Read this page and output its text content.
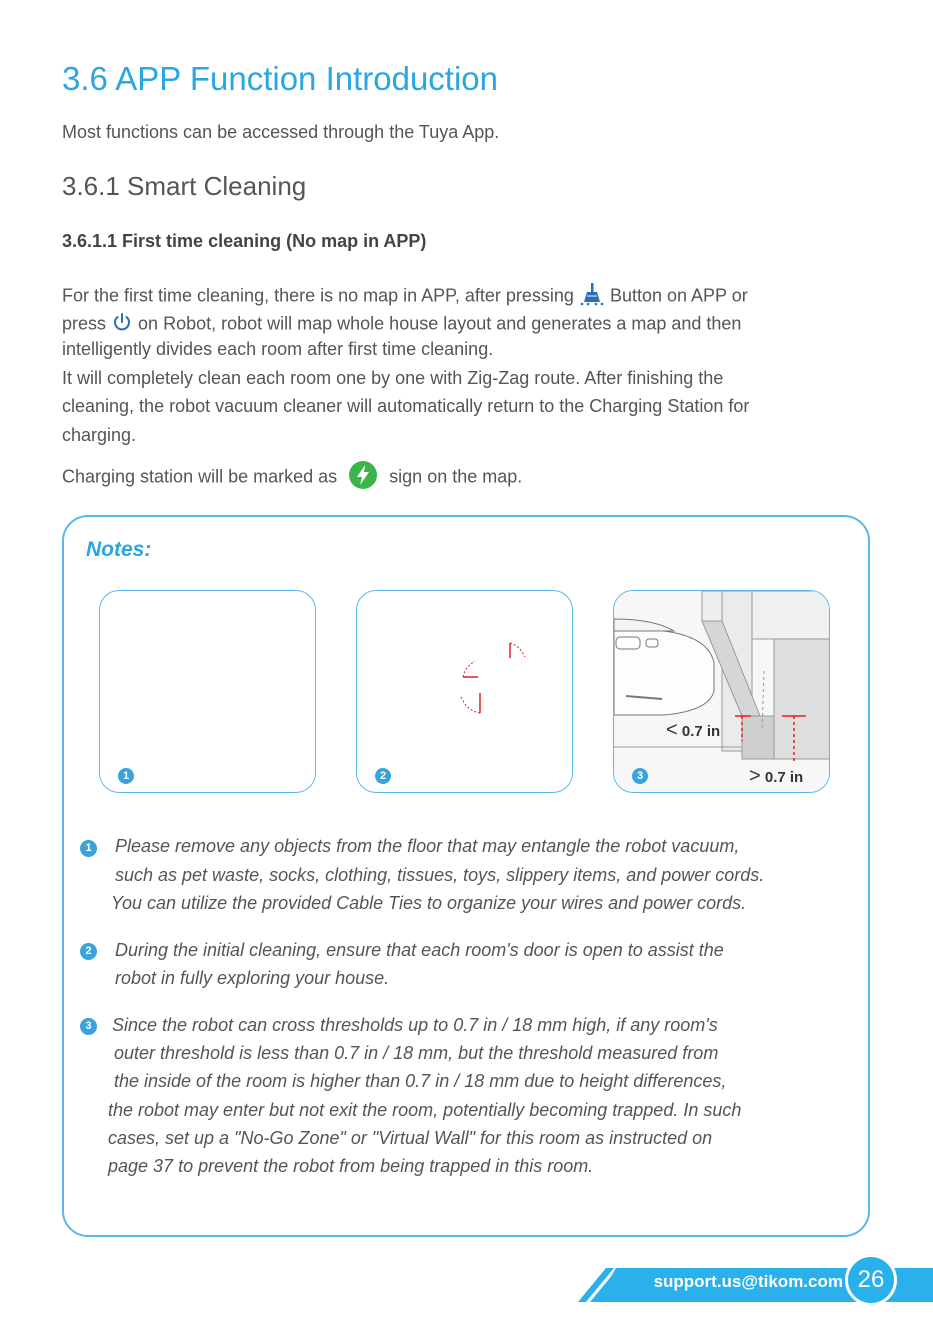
3.6 APP Function Introduction
Most functions can be accessed through the Tuya App.
3.6.1 Smart Cleaning
3.6.1.1 First time cleaning (No map in APP)
For the first time cleaning, there is no map in APP, after pressing Button on APP or
press on Robot, robot will map whole house layout and generates a map and then
intelligently divides each room after first time cleaning.
It will completely clean each room one by one with Zig-Zag route. After finishing the
cleaning, the robot vacuum cleaner will automatically return to the Charging Station for
charging.
Charging station will be marked as	sign on the map.
Notes:
1	2
< 0.7 in
> 0.7 in
3
1	Please remove any objects from the floor that may entangle the robot vacuum,
such as pet waste, socks, clothing, tissues, toys, slippery items, and power cords.
You can utilize the provided Cable Ties to organize your wires and power cords.
2	During the initial cleaning, ensure that each room's door is open to assist the
robot in fully exploring your house.
3	Since the robot can cross thresholds up to 0.7 in / 18 mm high, if any room's
outer threshold is less than 0.7 in / 18 mm, but the threshold measured from
the inside of the room is higher than 0.7 in / 18 mm due to height differences,
the robot may enter but not exit the room, potentially becoming trapped. In such
cases, set up a "No-Go Zone" or "Virtual Wall" for this room as instructed on
page 37 to prevent the robot from being trapped in this room.
support.us@tikom.com 26
